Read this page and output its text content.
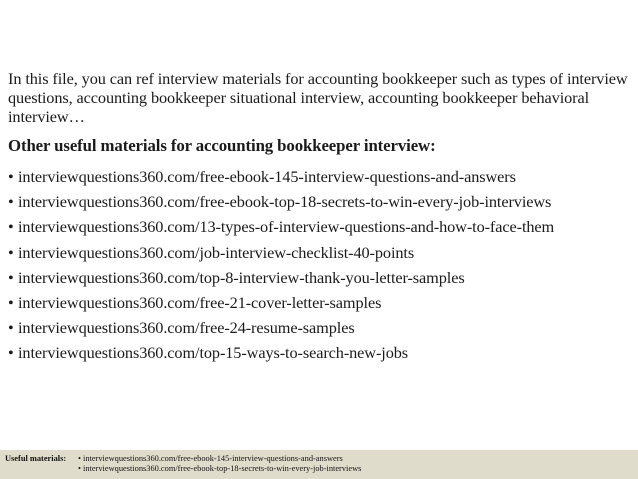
In this file, you can ref interview materials for accounting bookkeeper such as types of interview questions, accounting bookkeeper situational interview, accounting bookkeeper behavioral interview…

Other useful materials for accounting bookkeeper interview:
• interviewquestions360.com/free-ebook-145-interview-questions-and-answers
• interviewquestions360.com/free-ebook-top-18-secrets-to-win-every-job-interviews
• interviewquestions360.com/13-types-of-interview-questions-and-how-to-face-them
• interviewquestions360.com/job-interview-checklist-40-points
• interviewquestions360.com/top-8-interview-thank-you-letter-samples
• interviewquestions360.com/free-21-cover-letter-samples
• interviewquestions360.com/free-24-resume-samples
• interviewquestions360.com/top-15-ways-to-search-new-jobs
Useful materials: • interviewquestions360.com/free-ebook-145-interview-questions-and-answers
• interviewquestions360.com/free-ebook-top-18-secrets-to-win-every-job-interviews
